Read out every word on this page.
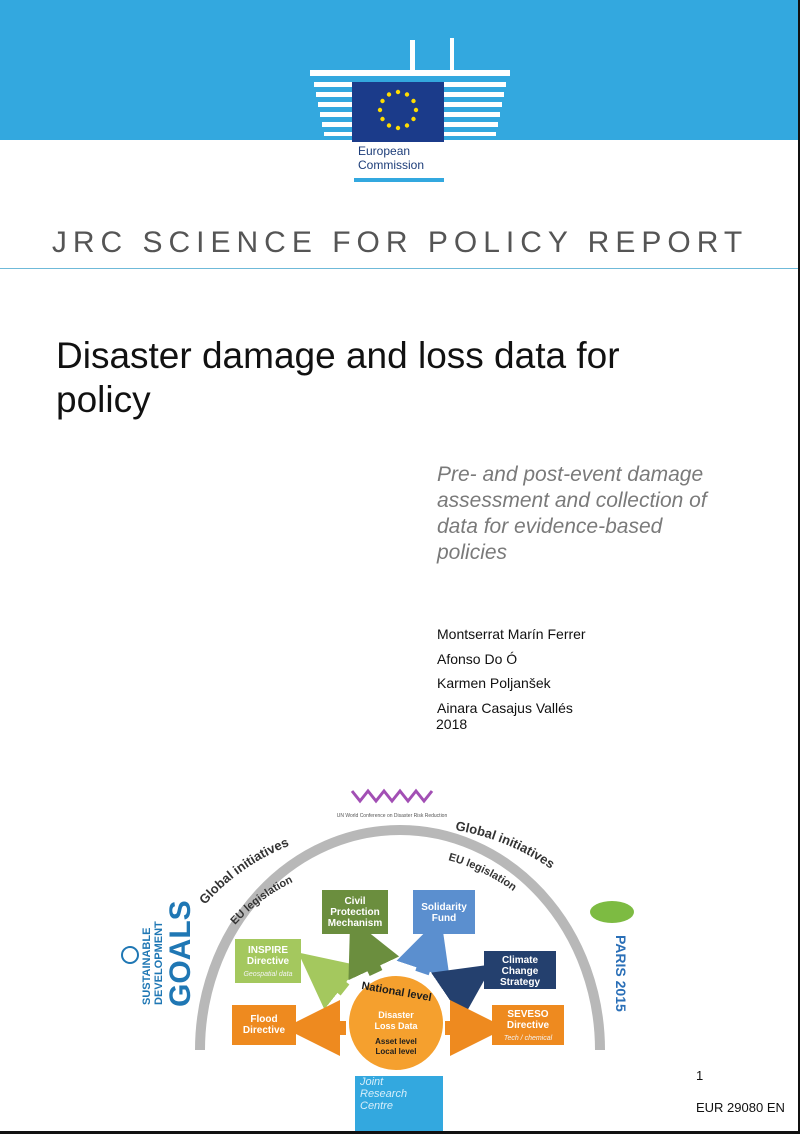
European
Commission
JRC SCIENCE FOR POLICY REPORT
Disaster damage and loss data for policy
Pre- and post-event damage assessment and collection of data for evidence-based policies
Montserrat Marín Ferrer
Afonso Do Ó
Karmen Poljanšek
Ainara Casajus Vallés
2018
UN World Conference on Disaster Risk Reduction
Global initiatives
Global initiatives
EU legislation
EU legislation
SUSTAINABLE DEVELOPMENT GOALS	PARIS 2015
Civil
Protection
Mechanism
Solidarity
Fund
INSPIRE
Directive
Geospatial data
Climate
Change
Strategy
Flood
Directive
SEVESO
Directive
Tech / chemical
National level
Disaster
Loss Data
Asset level
Local level
Joint
Research
Centre
1
EUR 29080 EN
